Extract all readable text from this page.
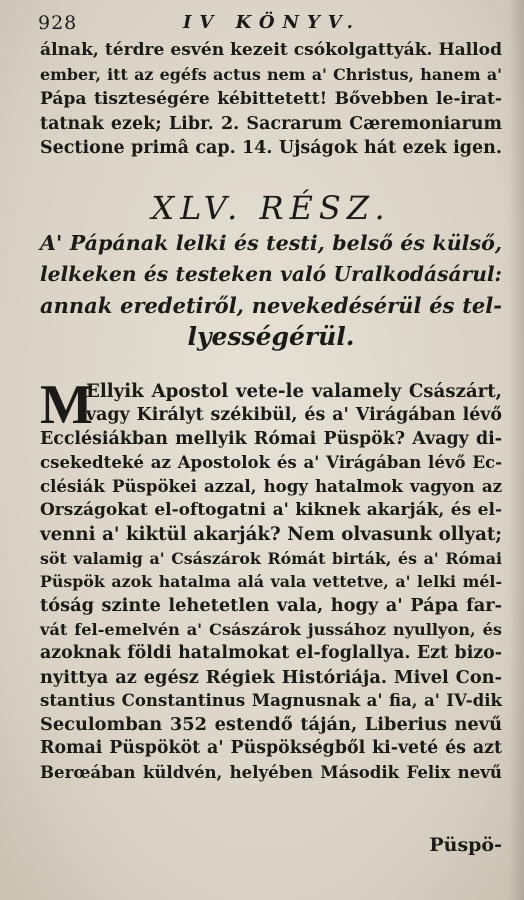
928	IV KÖNYV.
álnak, térdre esvén kezeit csókolgattyák. Hallod
ember, itt az egéfs actus nem a' Christus, hanem a'
Pápa tiszteségére kébittetett! Bővebben le-irat-
tatnak ezek; Libr. 2. Sacrarum Cæremoniarum
Sectione primâ cap. 14. Ujságok hát ezek igen.
XLV. RÉSZ.
A' Pápának lelki és testi, belső és külső,
lelkeken és testeken való Uralkodásárul:
annak eredetiről, nevekedésérül és tel-
lyességérül.
M
Ellyik Apostol vete-le valamely Császárt,
vagy Királyt székibül, és a' Virágában lévő
Ecclésiákban mellyik Római Püspök? Avagy di-
csekedteké az Apostolok és a' Virágában lévő Ec-
clésiák Püspökei azzal, hogy hatalmok vagyon az
Országokat el-oftogatni a' kiknek akarják, és el-
venni a' kiktül akarják? Nem olvasunk ollyat;
söt valamig a' Császárok Rómát birták, és a' Római
Püspök azok hatalma alá vala vettetve, a' lelki mél-
tóság szinte lehetetlen vala, hogy a' Pápa far-
vát fel-emelvén a' Császárok jussához nyullyon, és
azoknak földi hatalmokat el-foglallya. Ezt bizo-
nyittya az egész Régiek Históriája. Mivel Con-
stantius Constantinus Magnusnak a' fia, a' IV-dik
Seculomban 352 estendő táján, Liberius nevű
Romai Püspököt a' Püspökségből ki-veté és azt
Berœában küldvén, helyében Második Felix nevű
Püspö-
